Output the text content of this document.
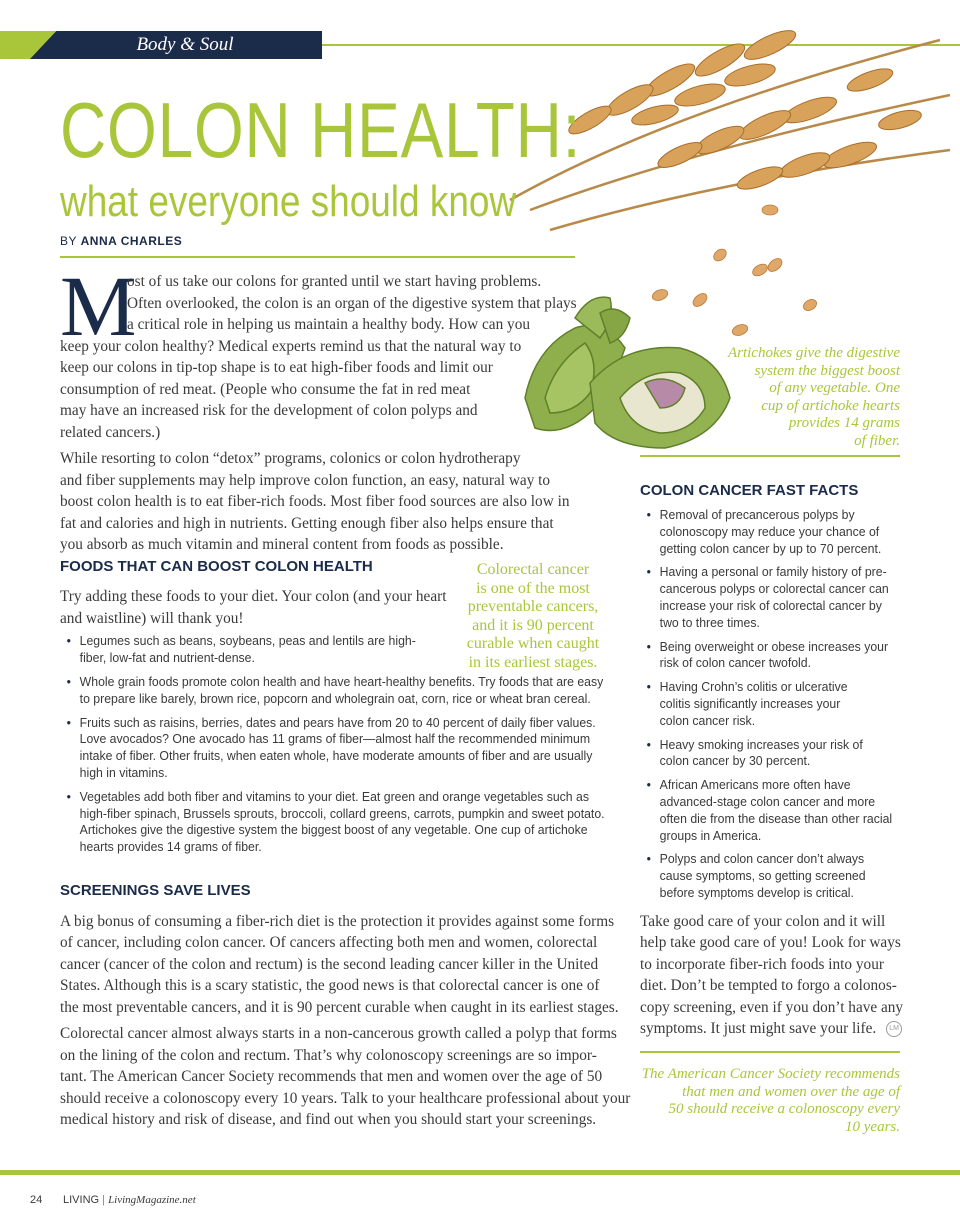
Body & Soul
COLON HEALTH:
what everyone should know
BY ANNA CHARLES
M
ost of us take our colons for granted until we start having problems.
Often overlooked, the colon is an organ of the digestive system that plays
a critical role in helping us maintain a healthy body. How can you
keep your colon healthy? Medical experts remind us that the natural way to
keep our colons in tip-top shape is to eat high-fiber foods and limit our
consumption of red meat. (People who consume the fat in red meat
may have an increased risk for the development of colon polyps and
related cancers.)
While resorting to colon “detox” programs, colonics or colon hydrotherapy
and fiber supplements may help improve colon function, an easy, natural way to
boost colon health is to eat fiber-rich foods. Most fiber food sources are also low in
fat and calories and high in nutrients. Getting enough fiber also helps ensure that
you absorb as much vitamin and mineral content from foods as possible.
FOODS THAT CAN BOOST COLON HEALTH
Try adding these foods to your diet. Your colon (and your heart
and waistline) will thank you!
• Legumes such as beans, soybeans, peas and lentils are high-fiber, low-fat and nutrient-dense.
• Whole grain foods promote colon health and have heart-healthy benefits. Try foods that are easy to prepare like barely, brown rice, popcorn and wholegrain oat, corn, rice or wheat bran cereal.
• Fruits such as raisins, berries, dates and pears have from 20 to 40 percent of daily fiber values. Love avocados? One avocado has 11 grams of fiber—almost half the recommended minimum intake of fiber. Other fruits, when eaten whole, have moderate amounts of fiber and are usually high in vitamins.
• Vegetables add both fiber and vitamins to your diet. Eat green and orange vegetables such as high-fiber spinach, Brussels sprouts, broccoli, collard greens, carrots, pumpkin and sweet potato. Artichokes give the digestive system the biggest boost of any vegetable. One cup of artichoke hearts provides 14 grams of fiber.
Colorectal cancer
is one of the most
preventable cancers,
and it is 90 percent
curable when caught
in its earliest stages.
SCREENINGS SAVE LIVES
A big bonus of consuming a fiber-rich diet is the protection it provides against some forms
of cancer, including colon cancer. Of cancers affecting both men and women, colorectal
cancer (cancer of the colon and rectum) is the second leading cancer killer in the United
States. Although this is a scary statistic, the good news is that colorectal cancer is one of
the most preventable cancers, and it is 90 percent curable when caught in its earliest stages.
Colorectal cancer almost always starts in a non-cancerous growth called a polyp that forms
on the lining of the colon and rectum. That’s why colonoscopy screenings are so impor-
tant. The American Cancer Society recommends that men and women over the age of 50
should receive a colonoscopy every 10 years. Talk to your healthcare professional about your
medical history and risk of disease, and find out when you should start your screenings.
Artichokes give the digestive
system the biggest boost
of any vegetable. One
cup of artichoke hearts
provides 14 grams
of fiber.
COLON CANCER FAST FACTS
• Removal of precancerous polyps by colonoscopy may reduce your chance of getting colon cancer by up to 70 percent.
• Having a personal or family history of pre-cancerous polyps or colorectal cancer can increase your risk of colorectal cancer by two to three times.
• Being overweight or obese increases your risk of colon cancer twofold.
• Having Crohn’s colitis or ulcerative colitis significantly increases your colon cancer risk.
• Heavy smoking increases your risk of colon cancer by 30 percent.
• African Americans more often have advanced-stage colon cancer and more often die from the disease than other racial groups in America.
• Polyps and colon cancer don’t always cause symptoms, so getting screened before symptoms develop is critical.
Take good care of your colon and it will
help take good care of you! Look for ways
to incorporate fiber-rich foods into your
diet. Don’t be tempted to forgo a colonos-
copy screening, even if you don’t have any
symptoms. It just might save your life. LM
The American Cancer Society recommends
that men and women over the age of
50 should receive a colonoscopy every
10 years.
24 LIVING | LivingMagazine.net
